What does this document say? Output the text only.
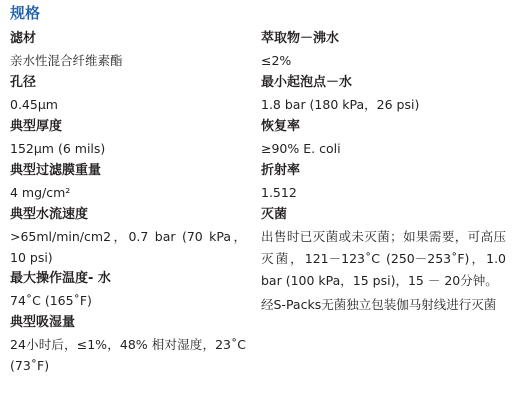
规格
滤材
亲水性混合纤维素酯
孔径
0.45μm
典型厚度
152μm (6 mils)
典型过滤膜重量
4 mg/cm²
典型水流速度
>65ml/min/cm2，0.7 bar (70 kPa，10 psi)
最大操作温度- 水
74˚C (165˚F)
典型吸湿量
24小时后，≤1%，48% 相对湿度，23˚C (73˚F)
萃取物－沸水
≤2%
最小起泡点－水
1.8 bar (180 kPa，26 psi)
恢复率
≥90% E. coli
折射率
1.512
灭菌
出售时已灭菌或未灭菌；如果需要，可高压灭菌，121－123˚C (250－253˚F)，1.0 bar (100 kPa，15 psi)，15 － 20分钟。
经S-Packs无菌独立包装伽马射线进行灭菌
